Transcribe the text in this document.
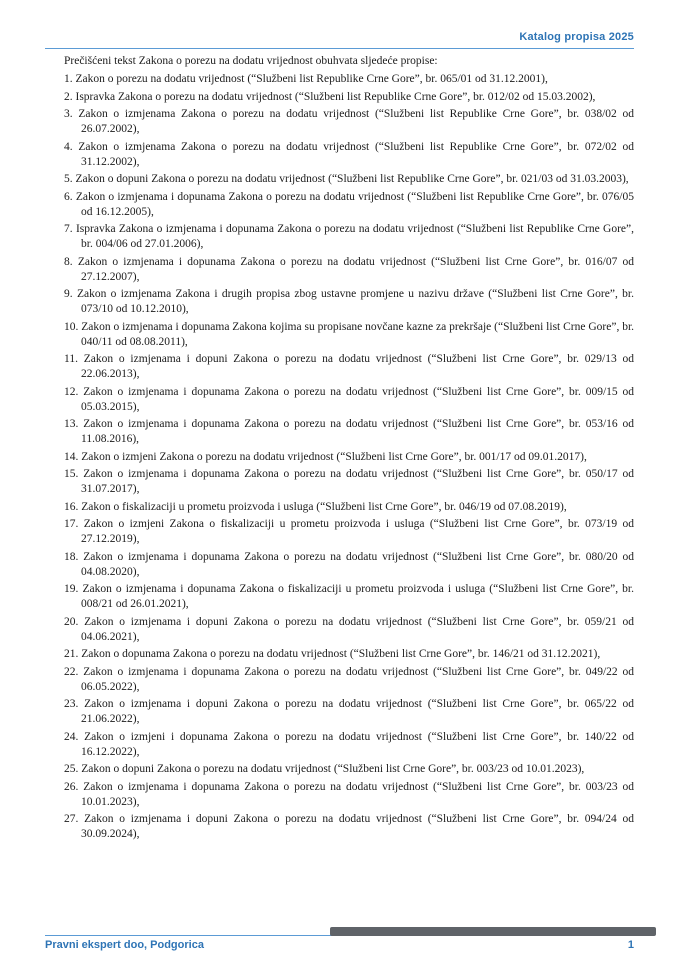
Katalog propisa 2025

Prečišćeni tekst Zakona o porezu na dodatu vrijednost obuhvata sljedeće propise:

1. Zakon o porezu na dodatu vrijednost (“Službeni list Republike Crne Gore”, br. 065/01 od 31.12.2001),
2. Ispravka Zakona o porezu na dodatu vrijednost (“Službeni list Republike Crne Gore”, br. 012/02 od 15.03.2002),
3. Zakon o izmjenama Zakona o porezu na dodatu vrijednost (“Službeni list Republike Crne Gore”, br. 038/02 od 26.07.2002),
4. Zakon o izmjenama Zakona o porezu na dodatu vrijednost (“Službeni list Republike Crne Gore”, br. 072/02 od 31.12.2002),
5. Zakon o dopuni Zakona o porezu na dodatu vrijednost (“Službeni list Republike Crne Gore”, br. 021/03 od 31.03.2003),
6. Zakon o izmjenama i dopunama Zakona o porezu na dodatu vrijednost (“Službeni list Republike Crne Gore”, br. 076/05 od 16.12.2005),
7. Ispravka Zakona o izmjenama i dopunama Zakona o porezu na dodatu vrijednost (“Službeni list Republike Crne Gore”, br. 004/06 od 27.01.2006),
8. Zakon o izmjenama i dopunama Zakona o porezu na dodatu vrijednost (“Službeni list Crne Gore”, br. 016/07 od 27.12.2007),
9. Zakon o izmjenama Zakona i drugih propisa zbog ustavne promjene u nazivu države (“Službeni list Crne Gore”, br. 073/10 od 10.12.2010),
10. Zakon o izmjenama i dopunama Zakona kojima su propisane novčane kazne za prekršaje (“Službeni list Crne Gore”, br. 040/11 od 08.08.2011),
11. Zakon o izmjenama i dopuni Zakona o porezu na dodatu vrijednost (“Službeni list Crne Gore”, br. 029/13 od 22.06.2013),
12. Zakon o izmjenama i dopunama Zakona o porezu na dodatu vrijednost (“Službeni list Crne Gore”, br. 009/15 od 05.03.2015),
13. Zakon o izmjenama i dopunama Zakona o porezu na dodatu vrijednost (“Službeni list Crne Gore”, br. 053/16 od 11.08.2016),
14. Zakon o izmjeni Zakona o porezu na dodatu vrijednost (“Službeni list Crne Gore”, br. 001/17 od 09.01.2017),
15. Zakon o izmjenama i dopunama Zakona o porezu na dodatu vrijednost (“Službeni list Crne Gore”, br. 050/17 od 31.07.2017),
16. Zakon o fiskalizaciji u prometu proizvoda i usluga (“Službeni list Crne Gore”, br. 046/19 od 07.08.2019),
17. Zakon o izmjeni Zakona o fiskalizaciji u prometu proizvoda i usluga (“Službeni list Crne Gore”, br. 073/19 od 27.12.2019),
18. Zakon o izmjenama i dopunama Zakona o porezu na dodatu vrijednost (“Službeni list Crne Gore”, br. 080/20 od 04.08.2020),
19. Zakon o izmjenama i dopunama Zakona o fiskalizaciji u prometu proizvoda i usluga (“Službeni list Crne Gore”, br. 008/21 od 26.01.2021),
20. Zakon o izmjenama i dopuni Zakona o porezu na dodatu vrijednost (“Službeni list Crne Gore”, br. 059/21 od 04.06.2021),
21. Zakon o dopunama Zakona o porezu na dodatu vrijednost (“Službeni list Crne Gore”, br. 146/21 od 31.12.2021),
22. Zakon o izmjenama i dopunama Zakona o porezu na dodatu vrijednost (“Službeni list Crne Gore”, br. 049/22 od 06.05.2022),
23. Zakon o izmjenama i dopuni Zakona o porezu na dodatu vrijednost (“Službeni list Crne Gore”, br. 065/22 od 21.06.2022),
24. Zakon o izmjeni i dopunama Zakona o porezu na dodatu vrijednost (“Službeni list Crne Gore”, br. 140/22 od 16.12.2022),
25. Zakon o dopuni Zakona o porezu na dodatu vrijednost (“Službeni list Crne Gore”, br. 003/23 od 10.01.2023),
26. Zakon o izmjenama i dopunama Zakona o porezu na dodatu vrijednost (“Službeni list Crne Gore”, br. 003/23 od 10.01.2023),
27. Zakon o izmjenama i dopuni Zakona o porezu na dodatu vrijednost (“Službeni list Crne Gore”, br. 094/24 od 30.09.2024),
Pravni ekspert doo, Podgorica	1
